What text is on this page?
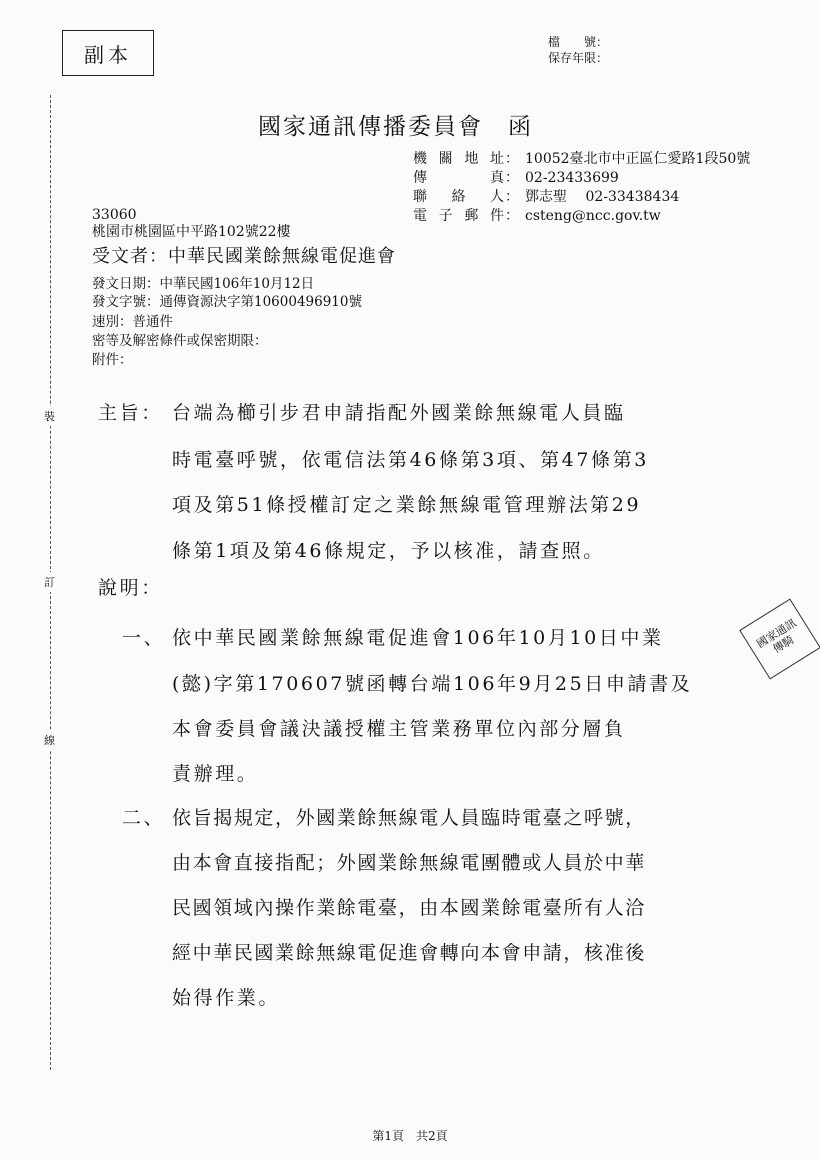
副本
檔　　號：
保存年限：
裝
訂
線
國家通訊傳播委員會　函
機關地址： 10052臺北市中正區仁愛路1段50號
傳　　真： 02-23433699
聯 絡 人： 鄧志聖　 02-33438434
電子郵件： csteng@ncc.gov.tw
33060
桃園市桃園區中平路102號22樓
受文者：中華民國業餘無線電促進會
發文日期：中華民國106年10月12日
發文字號：通傳資源決字第10600496910號
速別：普通件
密等及解密條件或保密期限：
附件：
主旨： 台端為櫛引步君申請指配外國業餘無線電人員臨
時電臺呼號，依電信法第46條第3項、第47條第3
項及第51條授權訂定之業餘無線電管理辦法第29
條第1項及第46條規定，予以核准，請查照。
說明：
一、 依中華民國業餘無線電促進會106年10月10日中業
(懿)字第170607號函轉台端106年9月25日申請書及
本會委員會議決議授權主管業務單位內部分層負
責辦理。
二、 依旨揭規定，外國業餘無線電人員臨時電臺之呼號，
由本會直接指配；外國業餘無線電團體或人員於中華
民國領域內操作業餘電臺，由本國業餘電臺所有人洽
經中華民國業餘無線電促進會轉向本會申請，核准後
始得作業。
國家通訊傳騎
第1頁　共2頁
